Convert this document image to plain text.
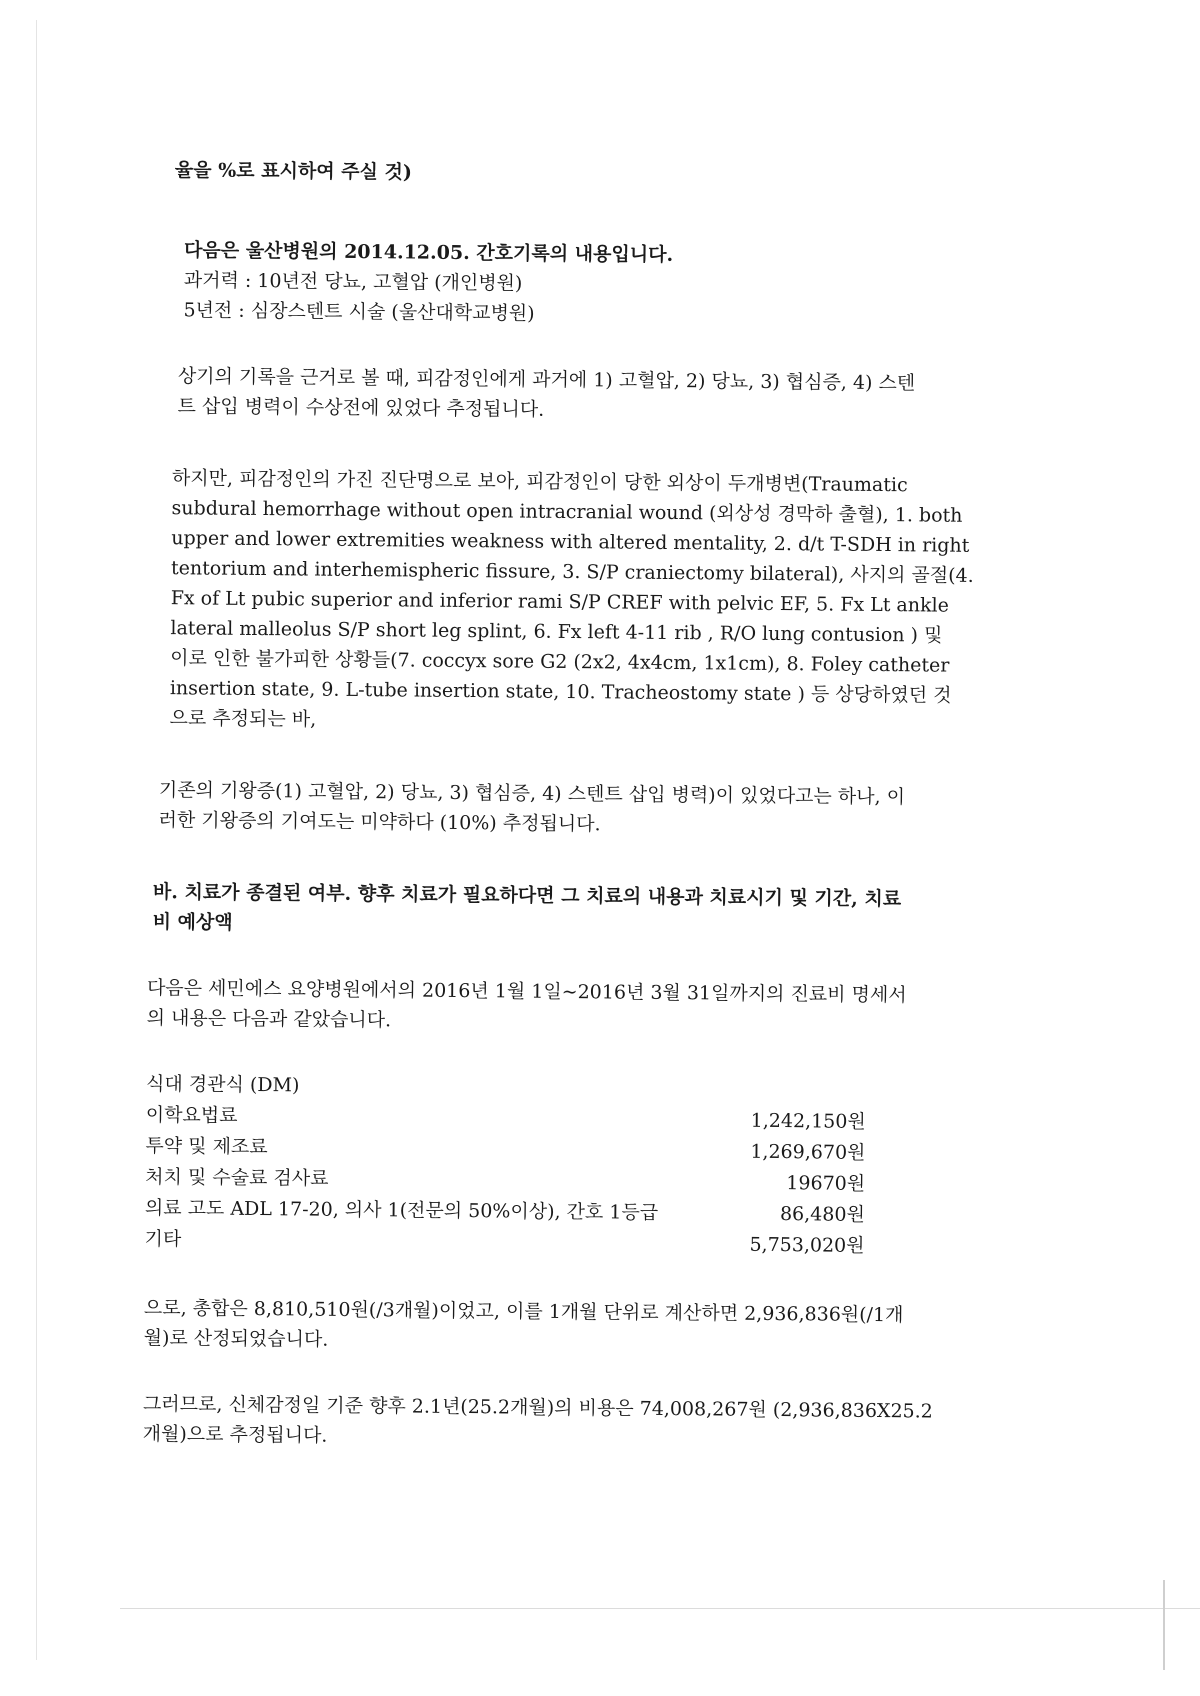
율을 %로 표시하여 주실 것)
다음은 울산병원의 2014.12.05. 간호기록의 내용입니다.
과거력 : 10년전 당뇨, 고혈압 (개인병원)
5년전 : 심장스텐트 시술 (울산대학교병원)
상기의 기록을 근거로 볼 때, 피감정인에게 과거에 1) 고혈압, 2) 당뇨, 3) 협심증, 4) 스텐
트 삽입 병력이 수상전에 있었다 추정됩니다.
하지만, 피감정인의 가진 진단명으로 보아, 피감정인이 당한 외상이 두개병변(Traumatic
subdural hemorrhage without open intracranial wound (외상성 경막하 출혈), 1. both
upper and lower extremities weakness with altered mentality, 2. d/t T-SDH in right
tentorium and interhemispheric fissure, 3. S/P craniectomy bilateral), 사지의 골절(4.
Fx of Lt pubic superior and inferior rami S/P CREF with pelvic EF, 5. Fx Lt ankle
lateral malleolus S/P short leg splint, 6. Fx left 4-11 rib , R/O lung contusion ) 및
이로 인한 불가피한 상황들(7. coccyx sore G2 (2x2, 4x4cm, 1x1cm), 8. Foley catheter
insertion state, 9. L-tube insertion state, 10. Tracheostomy state ) 등 상당하였던 것
으로 추정되는 바,
기존의 기왕증(1) 고혈압, 2) 당뇨, 3) 협심증, 4) 스텐트 삽입 병력)이 있었다고는 하나, 이
러한 기왕증의 기여도는 미약하다 (10%) 추정됩니다.
바. 치료가 종결된 여부. 향후 치료가 필요하다면 그 치료의 내용과 치료시기 및 기간, 치료
비 예상액
다음은 세민에스 요양병원에서의 2016년 1월 1일~2016년 3월 31일까지의 진료비 명세서
의 내용은 다음과 같았습니다.
식대 경관식 (DM)
이학요법료	1,242,150원
투약 및 제조료	1,269,670원
처치 및 수술료 검사료	19670원
의료 고도 ADL 17-20, 의사 1(전문의 50%이상), 간호 1등급	86,480원
기타	5,753,020원
으로, 총합은 8,810,510원(/3개월)이었고, 이를 1개월 단위로 계산하면 2,936,836원(/1개
월)로 산정되었습니다.
그러므로, 신체감정일 기준 향후 2.1년(25.2개월)의 비용은 74,008,267원 (2,936,836X25.2
개월)으로 추정됩니다.
